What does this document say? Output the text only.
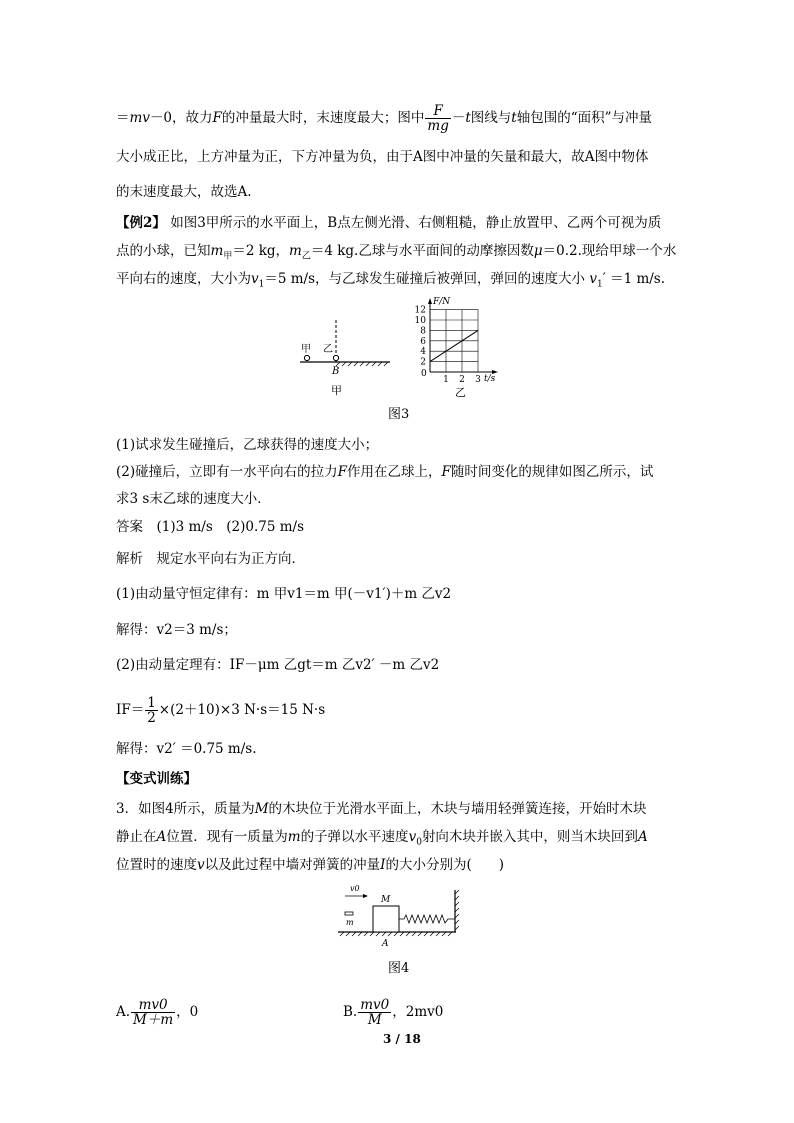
＝mv－0，故力F的冲量最大时，末速度最大；图中 $\frac{F}{mg} -t$图线与t轴包围的“面积”与冲量
大小成正比，上方冲量为正，下方冲量为负，由于A图中冲量的矢量和最大，故A图中物体
的末速度最大，故选A.
【例2】 如图3甲所示的水平面上，B点左侧光滑、右侧粗糙，静止放置甲、乙两个可视为质
点的小球，已知$m_甲=2$ kg，$m_乙=4$ kg.乙球与水平面间的动摩擦因数μ＝0.2.现给甲球一个水
平向右的速度，大小为$v_1=5$ m/s，与乙球发生碰撞后被弹回，弹回的速度大小 $v_1' =1$ m/s.
甲 乙
B
甲
2
4
6
8
10
12
1 2 3
F/N
t/s
0
乙
图3
(1)试求发生碰撞后，乙球获得的速度大小；
(2)碰撞后，立即有一水平向右的拉力F作用在乙球上，F随时间变化的规律如图乙所示，试
求3 s末乙球的速度大小．
答案　(1)3 m/s　(2)0.75 m/s
解析　规定水平向右为正方向．
(1)由动量守恒定律有：m 甲v1＝m 甲(－v1′)＋m 乙v2
解得：v2＝3 m/s；
(2)由动量定理有：IF－μm 乙gt＝m 乙v2′ －m 乙v2
$IF= \frac{1}{2} \times(2+10)\times 3$ N·s＝15 N·s
解得：v2′ ＝0.75 m/s.
【变式训练】
3．如图4所示，质量为M的木块位于光滑水平面上，木块与墙用轻弹簧连接，开始时木块
静止在A位置．现有一质量为m的子弹以水平速度$v_0$射向木块并嵌入其中，则当木块回到A
位置时的速度v以及此过程中墙对弹簧的冲量I的大小分别为(　　)
v0
M
m
A
图4
A. $\frac{mv0}{M+m}$ ，0	B. $\frac{mv0}{M}$ ，2mv0
3 / 18
